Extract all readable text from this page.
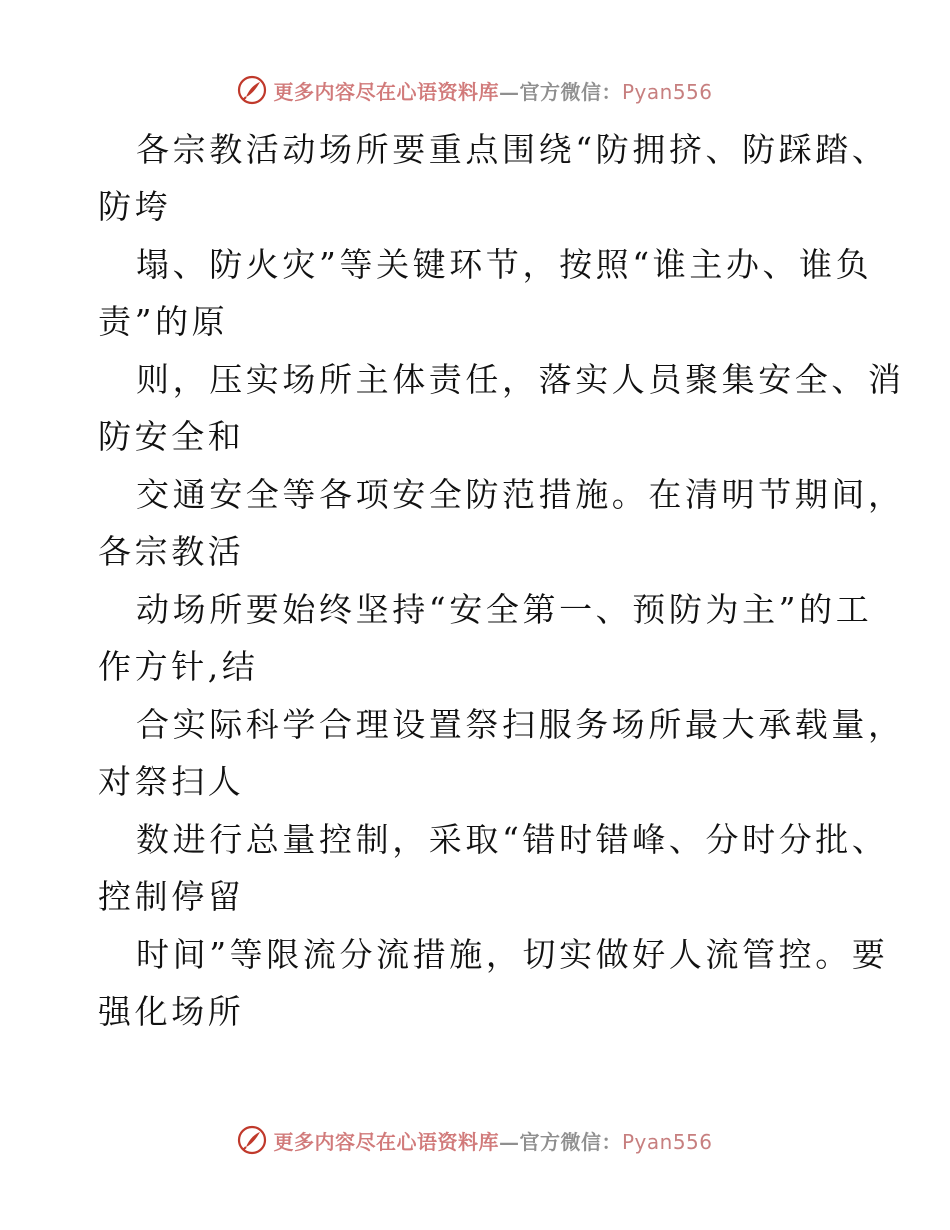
更多内容尽在心语资料库—官方微信：Pyan556
各宗教活动场所要重点围绕“防拥挤、防踩踏、
防垮
塌、防火灾”等关键环节，按照“谁主办、谁负
责”的原
则，压实场所主体责任，落实人员聚集安全、消
防安全和
交通安全等各项安全防范措施。在清明节期间，
各宗教活
动场所要始终坚持“安全第一、预防为主”的工
作方针,结
合实际科学合理设置祭扫服务场所最大承载量，
对祭扫人
数进行总量控制，采取“错时错峰、分时分批、
控制停留
时间”等限流分流措施，切实做好人流管控。要
强化场所
更多内容尽在心语资料库—官方微信：Pyan556
